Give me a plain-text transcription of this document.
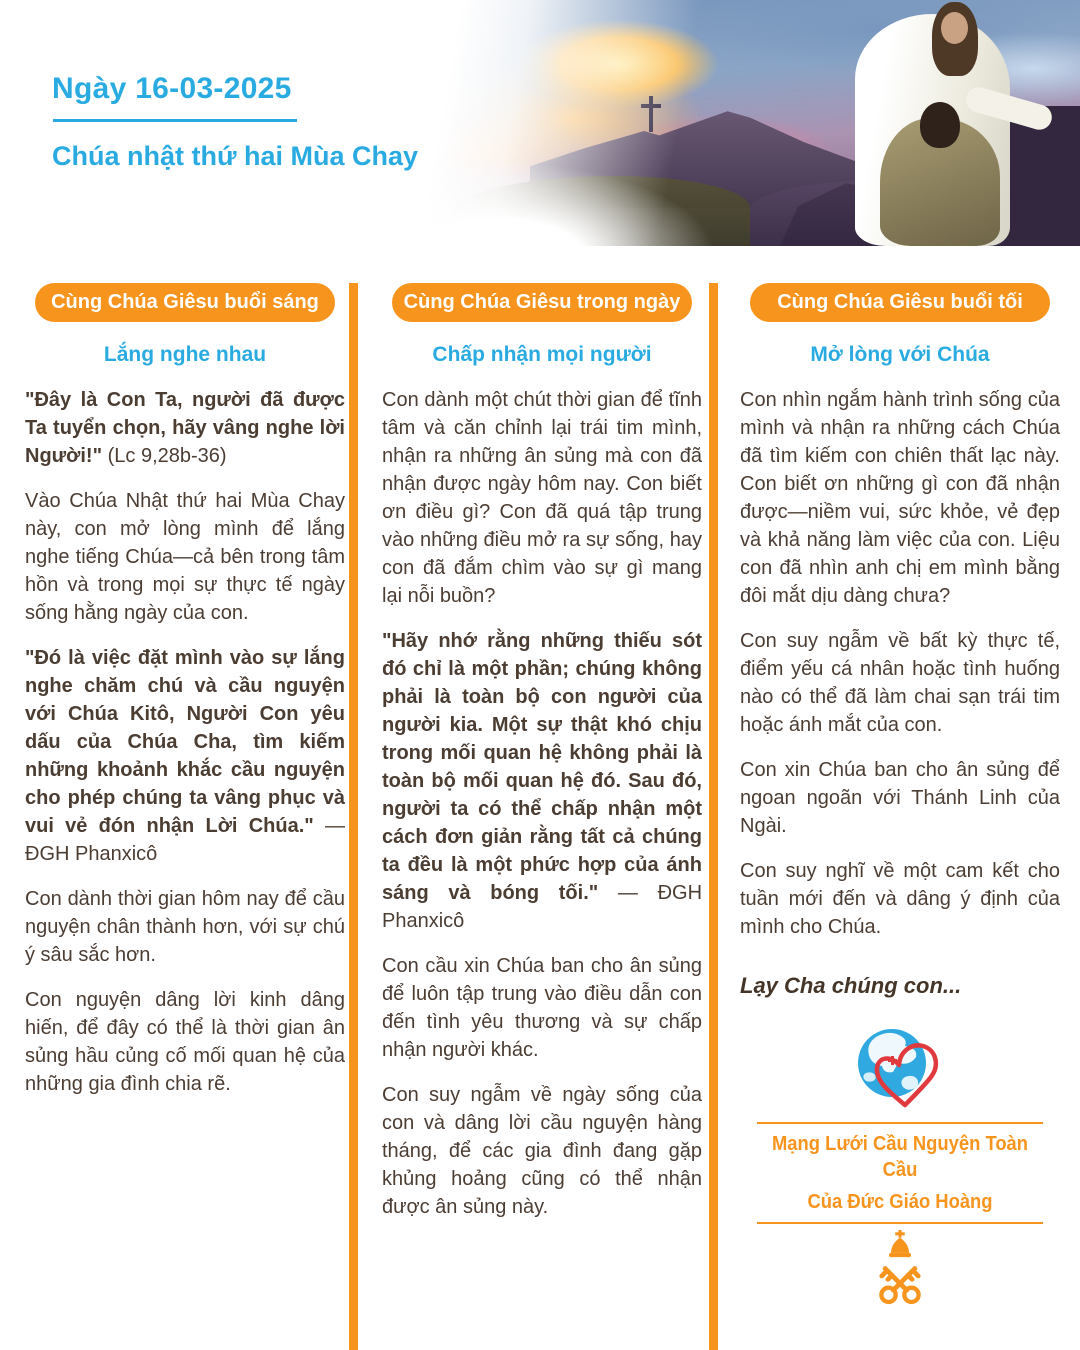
Ngày 16-03-2025
Chúa nhật thứ hai Mùa Chay
Cùng Chúa Giêsu buổi sáng
Lắng nghe nhau

"Đây là Con Ta, người đã được Ta tuyển chọn, hãy vâng nghe lời Người!" (Lc 9,28b-36)

Vào Chúa Nhật thứ hai Mùa Chay này, con mở lòng mình để lắng nghe tiếng Chúa—cả bên trong tâm hồn và trong mọi sự thực tế ngày sống hằng ngày của con.

"Đó là việc đặt mình vào sự lắng nghe chăm chú và cầu nguyện với Chúa Kitô, Người Con yêu dấu của Chúa Cha, tìm kiếm những khoảnh khắc cầu nguyện cho phép chúng ta vâng phục và vui vẻ đón nhận Lời Chúa." — ĐGH Phanxicô

Con dành thời gian hôm nay để cầu nguyện chân thành hơn, với sự chú ý sâu sắc hơn.

Con nguyện dâng lời kinh dâng hiến, để đây có thể là thời gian ân sủng hầu củng cố mối quan hệ của những gia đình chia rẽ.

Cùng Chúa Giêsu trong ngày
Chấp nhận mọi người

Con dành một chút thời gian để tĩnh tâm và căn chỉnh lại trái tim mình, nhận ra những ân sủng mà con đã nhận được ngày hôm nay. Con biết ơn điều gì? Con đã quá tập trung vào những điều mở ra sự sống, hay con đã đắm chìm vào sự gì mang lại nỗi buồn?

"Hãy nhớ rằng những thiếu sót đó chỉ là một phần; chúng không phải là toàn bộ con người của người kia. Một sự thật khó chịu trong mối quan hệ không phải là toàn bộ mối quan hệ đó. Sau đó, người ta có thể chấp nhận một cách đơn giản rằng tất cả chúng ta đều là một phức hợp của ánh sáng và bóng tối." — ĐGH Phanxicô

Con cầu xin Chúa ban cho ân sủng để luôn tập trung vào điều dẫn con đến tình yêu thương và sự chấp nhận người khác.

Con suy ngẫm về ngày sống của con và dâng lời cầu nguyện hàng tháng, để các gia đình đang gặp khủng hoảng cũng có thể nhận được ân sủng này.

Cùng Chúa Giêsu buổi tối
Mở lòng với Chúa

Con nhìn ngắm hành trình sống của mình và nhận ra những cách Chúa đã tìm kiếm con chiên thất lạc này. Con biết ơn những gì con đã nhận được—niềm vui, sức khỏe, vẻ đẹp và khả năng làm việc của con. Liệu con đã nhìn anh chị em mình bằng đôi mắt dịu dàng chưa?

Con suy ngẫm về bất kỳ thực tế, điểm yếu cá nhân hoặc tình huống nào có thể đã làm chai sạn trái tim hoặc ánh mắt của con.

Con xin Chúa ban cho ân sủng để ngoan ngoãn với Thánh Linh của Ngài.

Con suy nghĩ về một cam kết cho tuần mới đến và dâng ý định của mình cho Chúa.

Lạy Cha chúng con...
Mạng Lưới Cầu Nguyện Toàn Cầu
Của Đức Giáo Hoàng
